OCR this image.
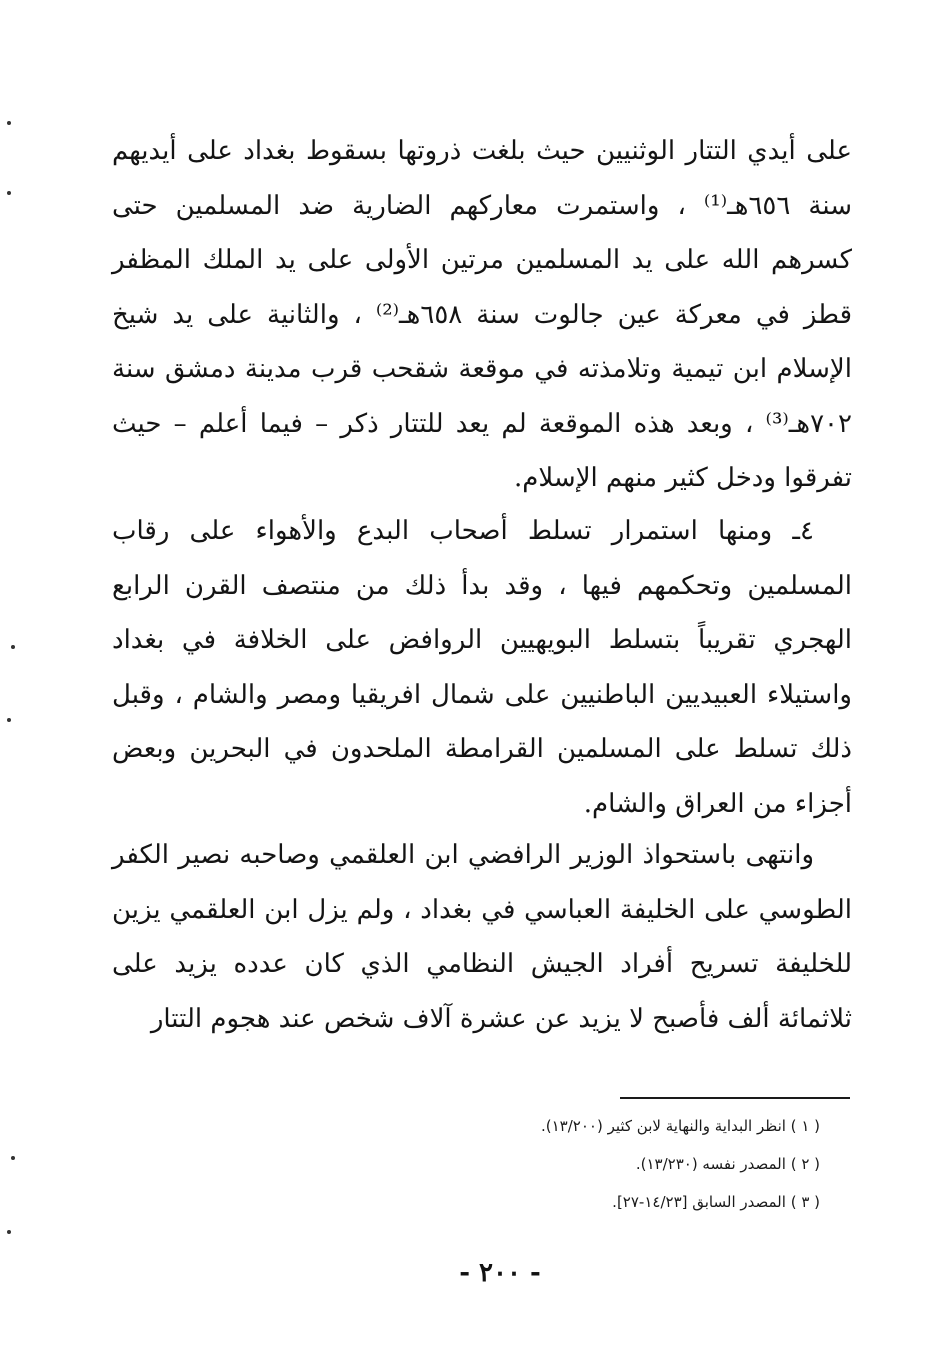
على أيدي التتار الوثنيين حيث بلغت ذروتها بسقوط بغداد على أيديهم سنة ٦٥٦هـ⁽¹⁾ ، واستمرت معاركهم الضارية ضد المسلمين حتى كسرهم الله على يد المسلمين مرتين الأولى على يد الملك المظفر قطز في معركة عين جالوت سنة ٦٥٨هـ⁽²⁾ ، والثانية على يد شيخ الإسلام ابن تيمية وتلامذته في موقعة شقحب قرب مدينة دمشق سنة ٧٠٢هـ⁽³⁾ ، وبعد هذه الموقعة لم يعد للتتار ذكر – فيما أعلم – حيث تفرقوا ودخل كثير منهم الإسلام.

٤ـ ومنها استمرار تسلط أصحاب البدع والأهواء على رقاب المسلمين وتحكمهم فيها ، وقد بدأ ذلك من منتصف القرن الرابع الهجري تقريباً بتسلط البويهيين الروافض على الخلافة في بغداد واستيلاء العبيديين الباطنيين على شمال افريقيا ومصر والشام ، وقبل ذلك تسلط على المسلمين القرامطة الملحدون في البحرين وبعض أجزاء من العراق والشام.

وانتهى باستحواذ الوزير الرافضي ابن العلقمي وصاحبه نصير الكفر الطوسي على الخليفة العباسي في بغداد ، ولم يزل ابن العلقمي يزين للخليفة تسريح أفراد الجيش النظامي الذي كان عدده يزيد على ثلاثمائة ألف فأصبح لا يزيد عن عشرة آلاف شخص عند هجوم التتار

( ١ ) انظر البداية والنهاية لابن كثير (١٣/٢٠٠).
( ٢ ) المصدر نفسه (١٣/٢٣٠).
( ٣ ) المصدر السابق [١٤/٢٣-٢٧].
- ٢٠٠ -
